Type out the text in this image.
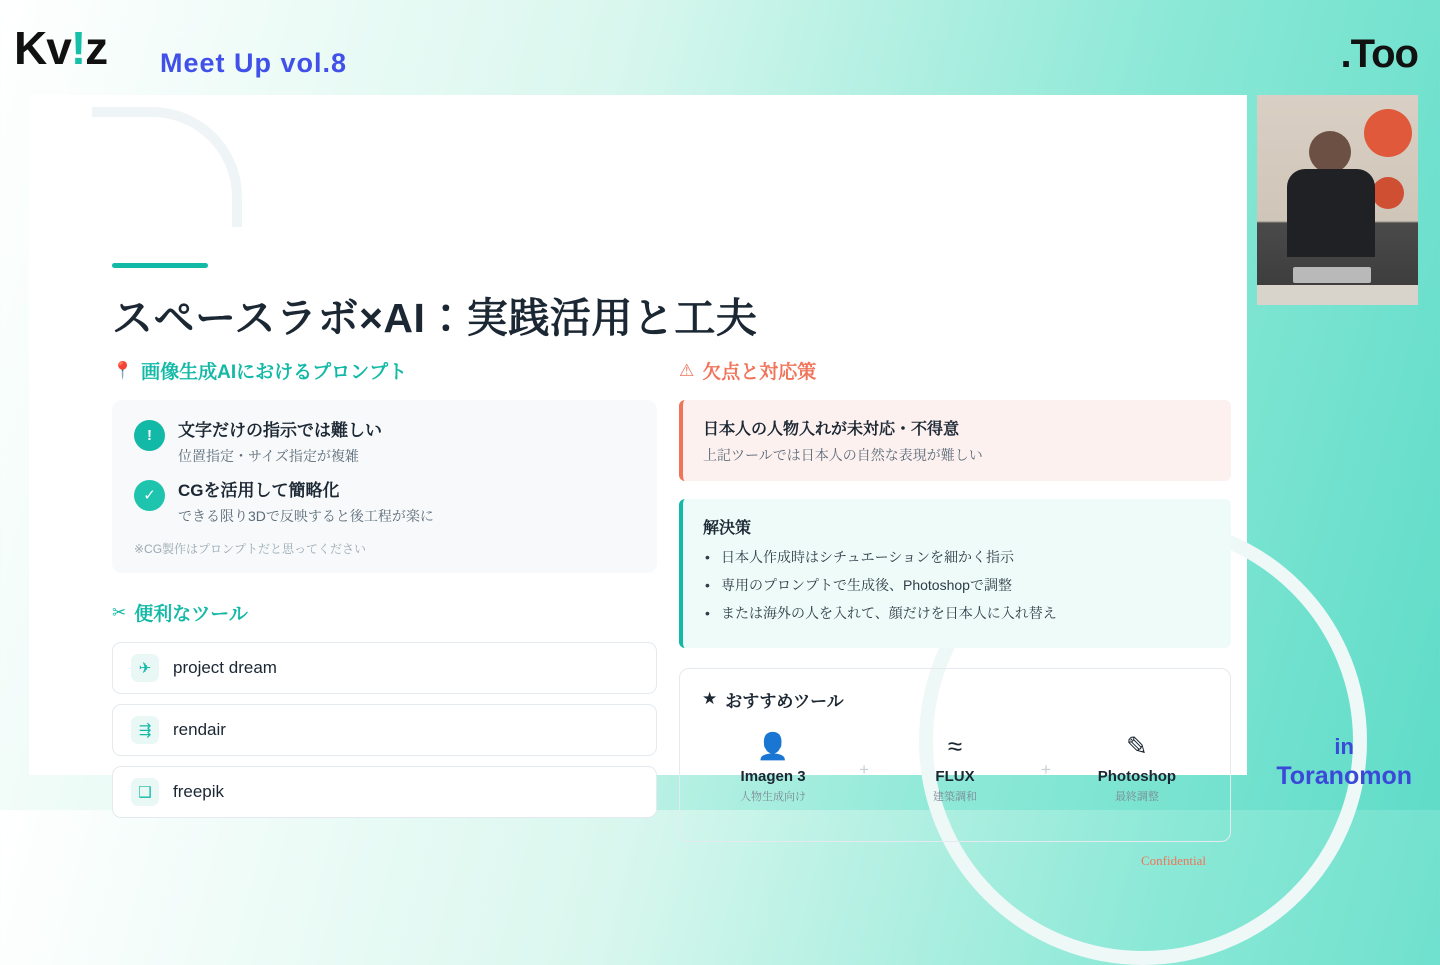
Kv!z Meet Up vol.8	.Too
スペースラボ×AI：実践活用と工夫
📍 画像生成AIにおけるプロンプト
!	文字だけの指示では難しい
位置指定・サイズ指定が複雑
✓	CGを活用して簡略化
できる限り3Dで反映すると後工程が楽に
※CG製作はプロンプトだと思ってください
✂ 便利なツール
✈	project dream
⇶	rendair
❑	freepik
⚠ 欠点と対応策
日本人の人物入れが未対応・不得意
上記ツールでは日本人の自然な表現が難しい
解決策
• 日本人作成時はシチュエーションを細かく指示
• 専用のプロンプトで生成後、Photoshopで調整
• または海外の人を入れて、顔だけを日本人に入れ替え
★ おすすめツール
👤
Imagen 3
人物生成向け
+
≈
FLUX
建築調和
+
✎
Photoshop
最終調整
Confidential
in
Toranomon
